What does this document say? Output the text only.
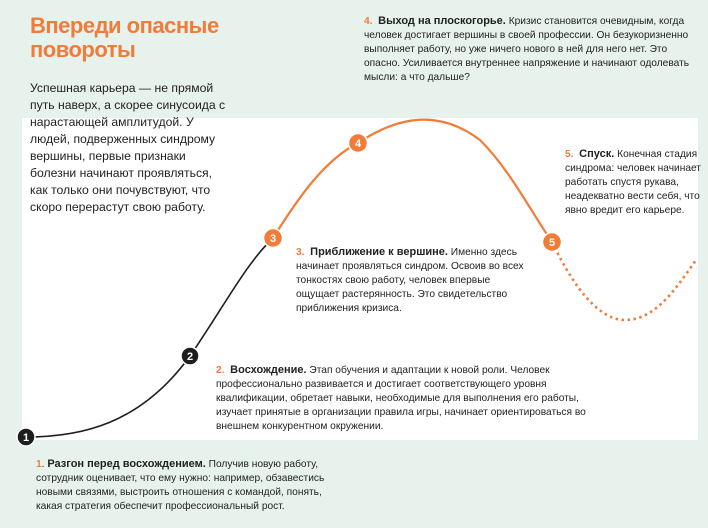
1
2
3
4
5
Впереди опасные
повороты
Успешная карьера — не прямой путь наверх, а скорее синусоида с нарастающей амплитудой. У людей, подверженных синдрому вершины, первые признаки болезни начинают проявляться, как только они почувствуют, что скоро перерастут свою работу.
4. Выход на плоскогорье. Кризис становится очевидным, когда человек достигает вершины в своей профессии. Он безукоризненно выполняет работу, но уже ничего нового в ней для него нет. Это опасно. Усиливается внутреннее напряжение и начинают одолевать мысли: а что дальше?
5. Спуск. Конечная стадия синдрома: человек начинает работать спустя рукава, неадекватно вести себя, что явно вредит его карьере.
3. Приближение к вершине. Именно здесь начинает проявляться синдром. Освоив во всех тонкостях свою работу, человек впервые ощущает растерянность. Это свидетельство приближения кризиса.
2. Восхождение. Этап обучения и адаптации к новой роли. Человек профессионально развивается и достигает соответствующего уровня квалификации, обретает навыки, необходимые для выполнения его работы, изучает принятые в организации правила игры, начинает ориентироваться во внешнем конкурентном окружении.
1. Разгон перед восхождением. Получив новую работу, сотрудник оценивает, что ему нужно: например, обзавестись новыми связями, выстроить отношения с командой, понять, какая стратегия обеспечит профессиональный рост.
